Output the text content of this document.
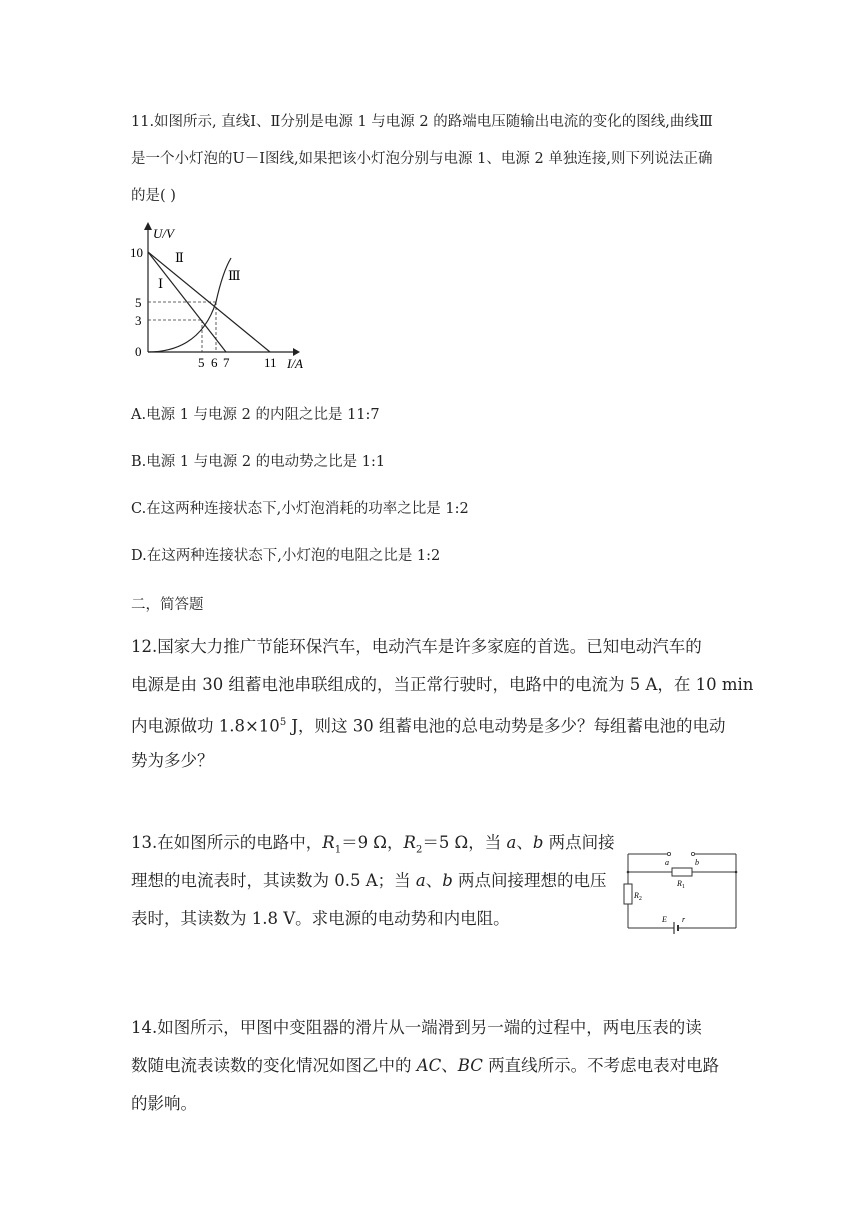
11.如图所示, 直线Ⅰ、Ⅱ分别是电源 1 与电源 2 的路端电压随输出电流的变化的图线,曲线Ⅲ

是一个小灯泡的U－I图线,如果把该小灯泡分别与电源 1、电源 2 单独连接,则下列说法正确

的是( )

U/V
I/A
10
5
3
0
5 6 7	11
Ⅰ
Ⅱ
Ⅲ

A.电源 1 与电源 2 的内阻之比是 11:7

B.电源 1 与电源 2 的电动势之比是 1:1

C.在这两种连接状态下,小灯泡消耗的功率之比是 1:2

D.在这两种连接状态下,小灯泡的电阻之比是 1:2

二，简答题

12.国家大力推广节能环保汽车，电动汽车是许多家庭的首选。已知电动汽车的

电源是由 30 组蓄电池串联组成的，当正常行驶时，电路中的电流为 5 A，在 10 min

内电源做功 $1.8\times 10^5$ J，则这 30 组蓄电池的总电动势是多少？每组蓄电池的电动

势为多少？

13.在如图所示的电路中，$R_1=9$ Ω，$R_2=5$ Ω，当 a、b 两点间接

理想的电流表时，其读数为 0.5 A；当 a、b 两点间接理想的电压

表时，其读数为 1.8 V。求电源的电动势和内电阻。

a	b
$R_1$
$R_2$
E r

14.如图所示，甲图中变阻器的滑片从一端滑到另一端的过程中，两电压表的读

数随电流表读数的变化情况如图乙中的 AC、BC 两直线所示。不考虑电表对电路

的影响。
